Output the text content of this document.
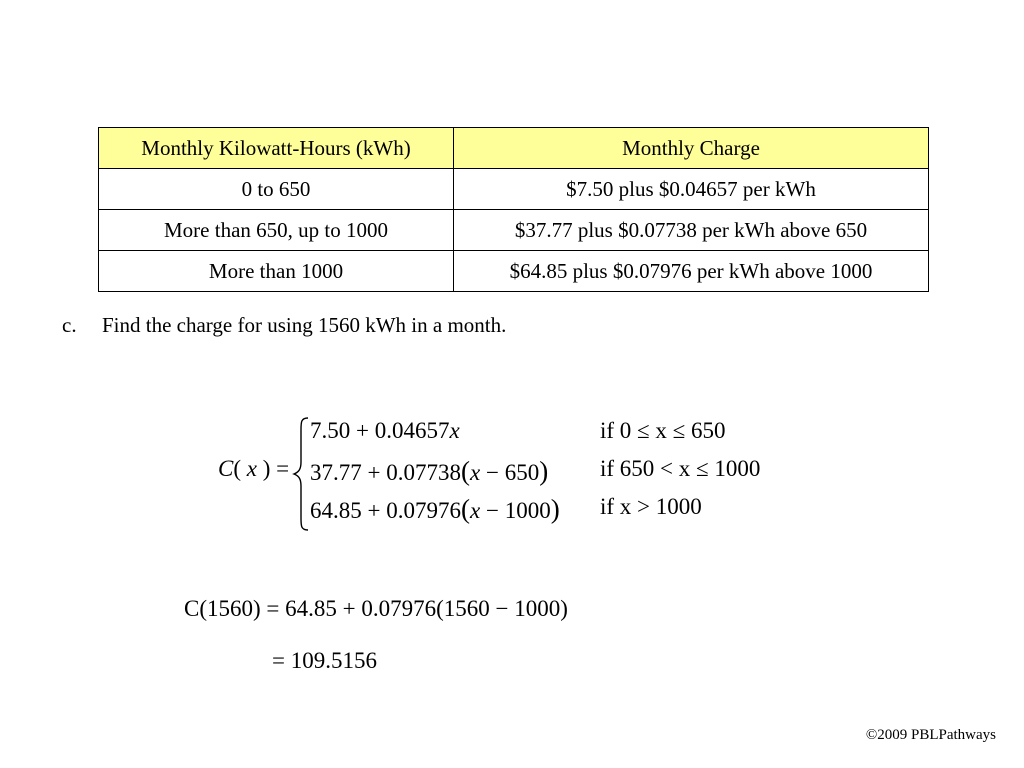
Monthly Kilowatt-Hours (kWh)	Monthly Charge
0 to 650	$7.50 plus $0.04657 per kWh
More than 650, up to 1000	$37.77 plus $0.07738 per kWh above 650
More than 1000	$64.85 plus $0.07976 per kWh above 1000
c. Find the charge for using 1560 kWh in a month.
C( x ) =
7.50 + 0.04657x
37.77 + 0.07738(x − 650)
64.85 + 0.07976(x − 1000)
if 0 ≤ x ≤ 650
if 650 < x ≤ 1000
if x > 1000
C(1560) = 64.85 + 0.07976(1560 − 1000)
= 109.5156
©2009 PBLPathways
